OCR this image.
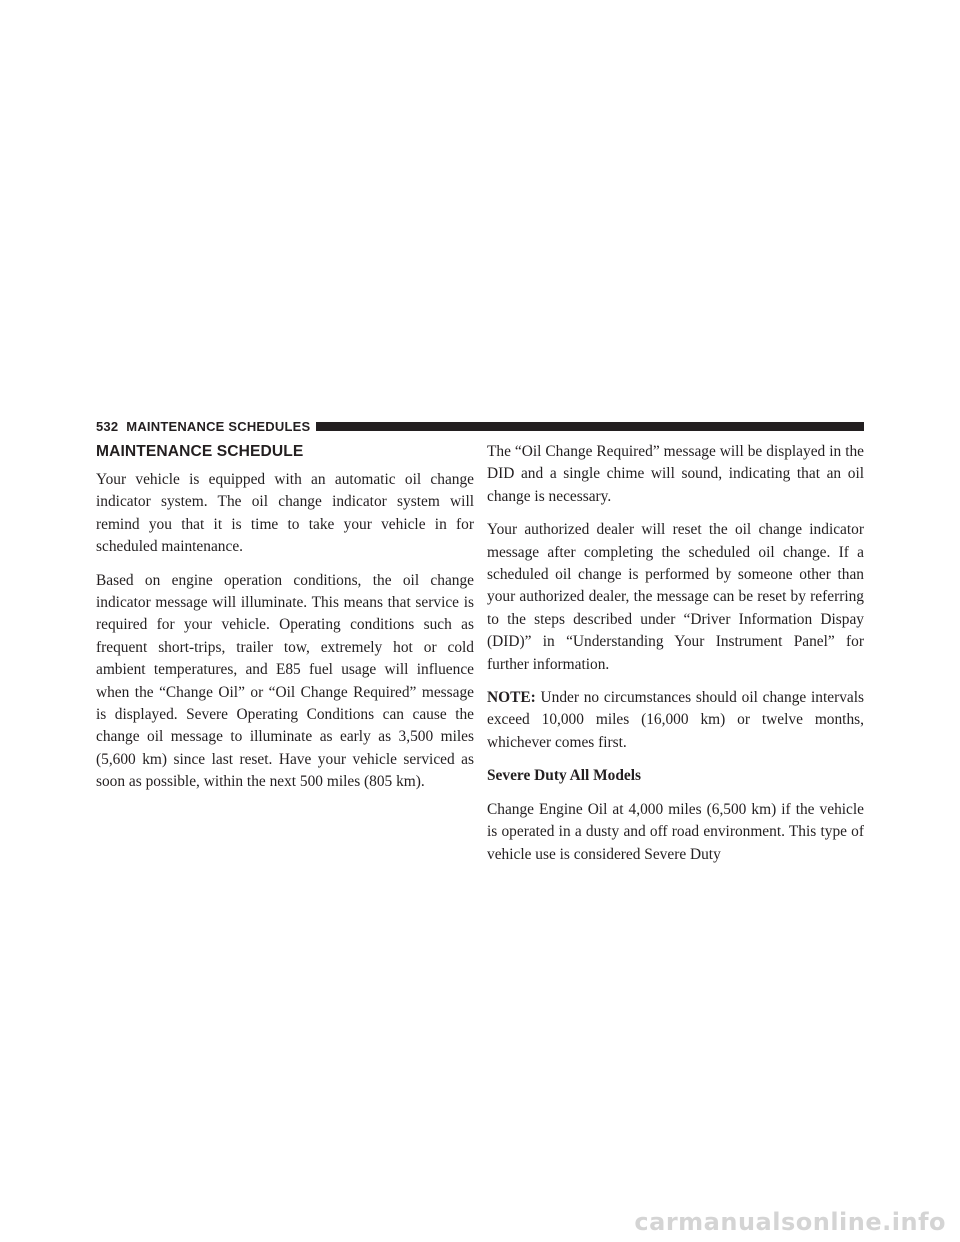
532 MAINTENANCE SCHEDULES
MAINTENANCE SCHEDULE

Your vehicle is equipped with an automatic oil change indicator system. The oil change indicator system will remind you that it is time to take your vehicle in for scheduled maintenance.

Based on engine operation conditions, the oil change indicator message will illuminate. This means that service is required for your vehicle. Operating conditions such as frequent short-trips, trailer tow, extremely hot or cold ambient temperatures, and E85 fuel usage will influence when the “Change Oil” or “Oil Change Required” message is displayed. Severe Operating Conditions can cause the change oil message to illuminate as early as 3,500 miles (5,600 km) since last reset. Have your vehicle serviced as soon as possible, within the next 500 miles (805 km).

The “Oil Change Required” message will be displayed in the DID and a single chime will sound, indicating that an oil change is necessary.

Your authorized dealer will reset the oil change indicator message after completing the scheduled oil change. If a scheduled oil change is performed by someone other than your authorized dealer, the message can be reset by referring to the steps described under “Driver Information Dispay (DID)” in “Understanding Your Instrument Panel” for further information.

NOTE: Under no circumstances should oil change intervals exceed 10,000 miles (16,000 km) or twelve months, whichever comes first.

Severe Duty All Models

Change Engine Oil at 4,000 miles (6,500 km) if the vehicle is operated in a dusty and off road environment. This type of vehicle use is considered Severe Duty

carmanualsonline.info
